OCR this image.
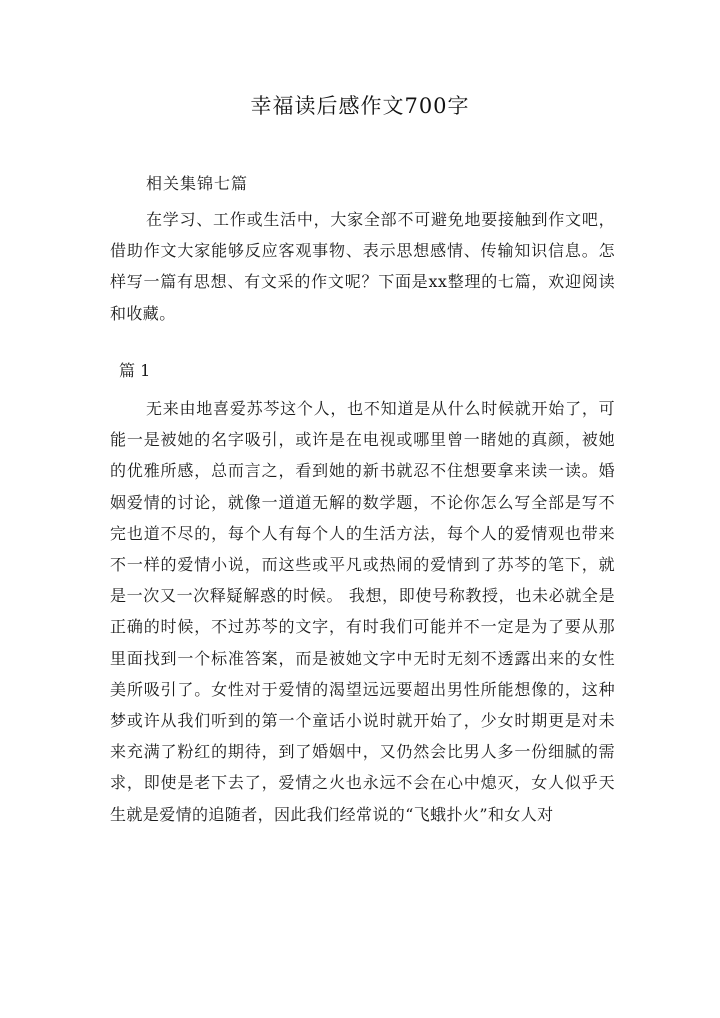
幸福读后感作文700字
相关集锦七篇

在学习、工作或生活中，大家全部不可避免地要接触到作文吧，借助作文大家能够反应客观事物、表示思想感情、传输知识信息。怎样写一篇有思想、有文采的作文呢？下面是xx整理的七篇，欢迎阅读和收藏。

篇 1

无来由地喜爱苏芩这个人，也不知道是从什么时候就开始了，可能一是被她的名字吸引，或许是在电视或哪里曾一睹她的真颜，被她的优雅所感，总而言之，看到她的新书就忍不住想要拿来读一读。婚姻爱情的讨论，就像一道道无解的数学题，不论你怎么写全部是写不完也道不尽的，每个人有每个人的生活方法，每个人的爱情观也带来不一样的爱情小说，而这些或平凡或热闹的爱情到了苏芩的笔下，就是一次又一次释疑解惑的时候。 我想，即使号称教授，也未必就全是正确的时候，不过苏芩的文字，有时我们可能并不一定是为了要从那里面找到一个标准答案，而是被她文字中无时无刻不透露出来的女性美所吸引了。女性对于爱情的渴望远远要超出男性所能想像的，这种梦或许从我们听到的第一个童话小说时就开始了，少女时期更是对未来充满了粉红的期待，到了婚姻中，又仍然会比男人多一份细腻的需求，即使是老下去了，爱情之火也永远不会在心中熄灭，女人似乎天生就是爱情的追随者，因此我们经常说的“飞蛾扑火”和女人对
